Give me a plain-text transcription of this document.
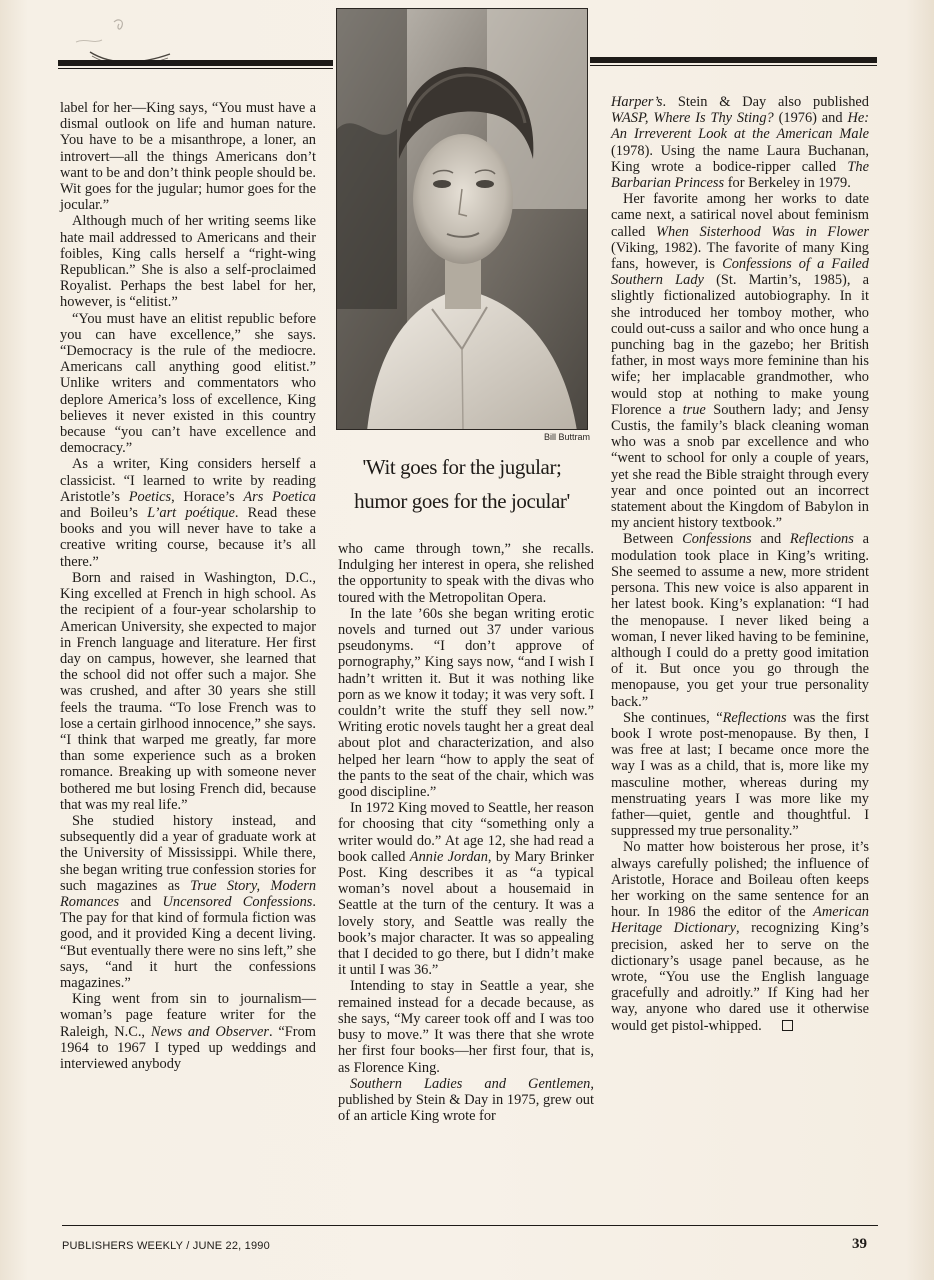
Bill Buttram
'Wit goes for the jugular;
humor goes for the jocular'

label for her—King says, “You must have a dismal outlook on life and human nature. You have to be a misanthrope, a loner, an introvert—all the things Americans don’t want to be and don’t think people should be. Wit goes for the jugular; humor goes for the jocular.”

Although much of her writing seems like hate mail addressed to Americans and their foibles, King calls herself a “right-wing Republican.” She is also a self-proclaimed Royalist. Perhaps the best label for her, however, is “elitist.”

“You must have an elitist republic before you can have excellence,” she says. “Democracy is the rule of the mediocre. Americans call anything good elitist.” Unlike writers and commentators who deplore America’s loss of excellence, King believes it never existed in this country because “you can’t have excellence and democracy.”

As a writer, King considers herself a classicist. “I learned to write by reading Aristotle’s Poetics, Horace’s Ars Poetica and Boileu’s L’art poétique. Read these books and you will never have to take a creative writing course, because it’s all there.”

Born and raised in Washington, D.C., King excelled at French in high school. As the recipient of a four-year scholarship to American University, she expected to major in French language and literature. Her first day on campus, however, she learned that the school did not offer such a major. She was crushed, and after 30 years she still feels the trauma. “To lose French was to lose a certain girlhood innocence,” she says. “I think that warped me greatly, far more than some experience such as a broken romance. Breaking up with someone never bothered me but losing French did, because that was my real life.”

She studied history instead, and subsequently did a year of graduate work at the University of Mississippi. While there, she began writing true confession stories for such magazines as True Story, Modern Romances and Uncensored Confessions. The pay for that kind of formula fiction was good, and it provided King a decent living. “But eventually there were no sins left,” she says, “and it hurt the confessions magazines.”

King went from sin to journalism—woman’s page feature writer for the Raleigh, N.C., News and Observer. “From 1964 to 1967 I typed up weddings and interviewed anybody

who came through town,” she recalls. Indulging her interest in opera, she relished the opportunity to speak with the divas who toured with the Metropolitan Opera.

In the late ’60s she began writing erotic novels and turned out 37 under various pseudonyms. “I don’t approve of pornography,” King says now, “and I wish I hadn’t written it. But it was nothing like porn as we know it today; it was very soft. I couldn’t write the stuff they sell now.” Writing erotic novels taught her a great deal about plot and characterization, and also helped her learn “how to apply the seat of the pants to the seat of the chair, which was good discipline.”

In 1972 King moved to Seattle, her reason for choosing that city “something only a writer would do.” At age 12, she had read a book called Annie Jordan, by Mary Brinker Post. King describes it as “a typical woman’s novel about a housemaid in Seattle at the turn of the century. It was a lovely story, and Seattle was really the book’s major character. It was so appealing that I decided to go there, but I didn’t make it until I was 36.”

Intending to stay in Seattle a year, she remained instead for a decade because, as she says, “My career took off and I was too busy to move.” It was there that she wrote her first four books—her first four, that is, as Florence King.

Southern Ladies and Gentlemen, published by Stein & Day in 1975, grew out of an article King wrote for

Harper’s. Stein & Day also published WASP, Where Is Thy Sting? (1976) and He: An Irreverent Look at the American Male (1978). Using the name Laura Buchanan, King wrote a bodice-ripper called The Barbarian Princess for Berkeley in 1979.

Her favorite among her works to date came next, a satirical novel about feminism called When Sisterhood Was in Flower (Viking, 1982). The favorite of many King fans, however, is Confessions of a Failed Southern Lady (St. Martin’s, 1985), a slightly fictionalized autobiography. In it she introduced her tomboy mother, who could out-cuss a sailor and who once hung a punching bag in the gazebo; her British father, in most ways more feminine than his wife; her implacable grandmother, who would stop at nothing to make young Florence a true Southern lady; and Jensy Custis, the family’s black cleaning woman who was a snob par excellence and who “went to school for only a couple of years, yet she read the Bible straight through every year and once pointed out an incorrect statement about the Kingdom of Babylon in my ancient history textbook.”

Between Confessions and Reflections a modulation took place in King’s writing. She seemed to assume a new, more strident persona. This new voice is also apparent in her latest book. King’s explanation: “I had the menopause. I never liked being a woman, I never liked having to be feminine, although I could do a pretty good imitation of it. But once you go through the menopause, you get your true personality back.”

She continues, “Reflections was the first book I wrote post-menopause. By then, I was free at last; I became once more the way I was as a child, that is, more like my masculine mother, whereas during my menstruating years I was more like my father—quiet, gentle and thoughtful. I suppressed my true personality.”

No matter how boisterous her prose, it’s always carefully polished; the influence of Aristotle, Horace and Boileau often keeps her working on the same sentence for an hour. In 1986 the editor of the American Heritage Dictionary, recognizing King’s precision, asked her to serve on the dictionary’s usage panel because, as he wrote, “You use the English language gracefully and adroitly.” If King had her way, anyone who dared use it otherwise would get pistol-whipped.

PUBLISHERS WEEKLY / JUNE 22, 1990	39
